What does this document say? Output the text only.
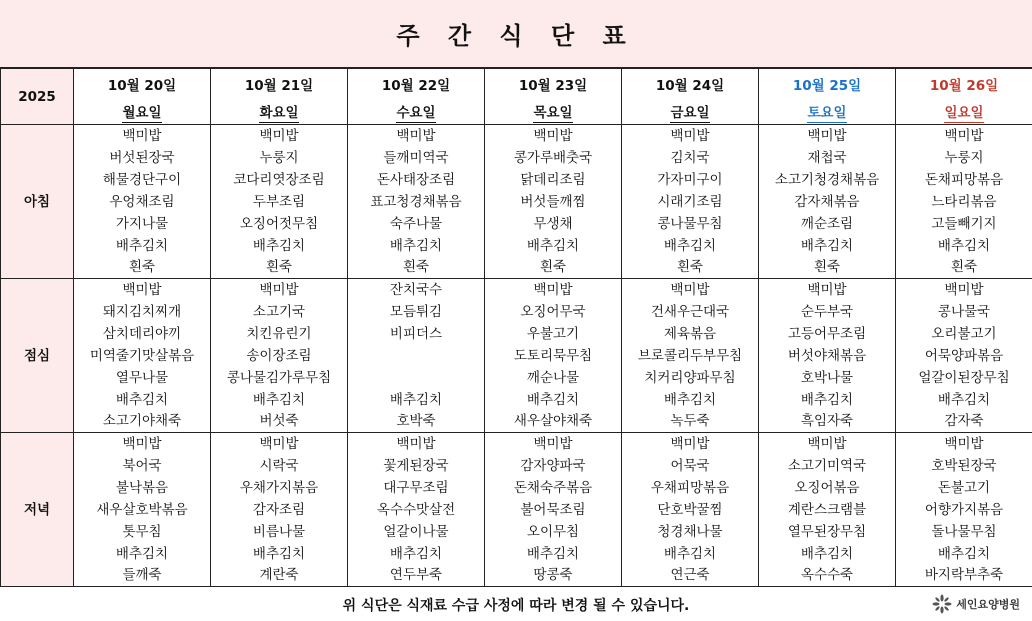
주 간 식 단 표
2025	10월 20일	10월 21일	10월 22일	10월 23일	10월 24일	10월 25일	10월 26일
	월요일	화요일	수요일	목요일	금요일	토요일	일요일
아침	백미밥	백미밥	백미밥	백미밥	백미밥	백미밥	백미밥
	버섯된장국	누룽지	들깨미역국	콩가루배춧국	김치국	재첩국	누룽지
	해물경단구이	코다리엿장조림	돈사태장조림	닭데리조림	가자미구이	소고기청경채볶음	돈채피망볶음
	우엉채조림	두부조림	표고청경채볶음	버섯들깨찜	시래기조림	감자채볶음	느타리볶음
	가지나물	오징어젓무침	숙주나물	무생채	콩나물무침	깨순조림	고들빼기지
	배추김치	배추김치	배추김치	배추김치	배추김치	배추김치	배추김치
	흰죽	흰죽	흰죽	흰죽	흰죽	흰죽	흰죽
점심	백미밥	백미밥	잔치국수	백미밥	백미밥	백미밥	백미밥
	돼지김치찌개	소고기국	모듬튀김	오징어무국	건새우근대국	순두부국	콩나물국
	삼치데리야끼	치킨유린기	비피더스	우불고기	제육볶음	고등어무조림	오리불고기
	미역줄기맛살볶음	송이장조림		도토리묵무침	브로콜리두부무침	버섯야채볶음	어묵양파볶음
	열무나물	콩나물김가루무침		깨순나물	치커리양파무침	호박나물	얼갈이된장무침
	배추김치	배추김치	배추김치	배추김치	배추김치	배추김치	배추김치
	소고기야채죽	버섯죽	호박죽	새우살야채죽	녹두죽	흑임자죽	감자죽
저녁	백미밥	백미밥	백미밥	백미밥	백미밥	백미밥	백미밥
	북어국	시락국	꽃게된장국	감자양파국	어묵국	소고기미역국	호박된장국
	불낙볶음	우채가지볶음	대구무조림	돈채숙주볶음	우채피망볶음	오징어볶음	돈불고기
	새우살호박볶음	감자조림	옥수수맛살전	불어묵조림	단호박꿀찜	계란스크램블	어향가지볶음
	톳무침	비름나물	얼갈이나물	오이무침	청경채나물	열무된장무침	돌나물무침
	배추김치	배추김치	배추김치	배추김치	배추김치	배추김치	배추김치
	들깨죽	계란죽	연두부죽	땅콩죽	연근죽	옥수수죽	바지락부추죽
위 식단은 식재료 수급 사정에 따라 변경 될 수 있습니다.	세인요양병원
